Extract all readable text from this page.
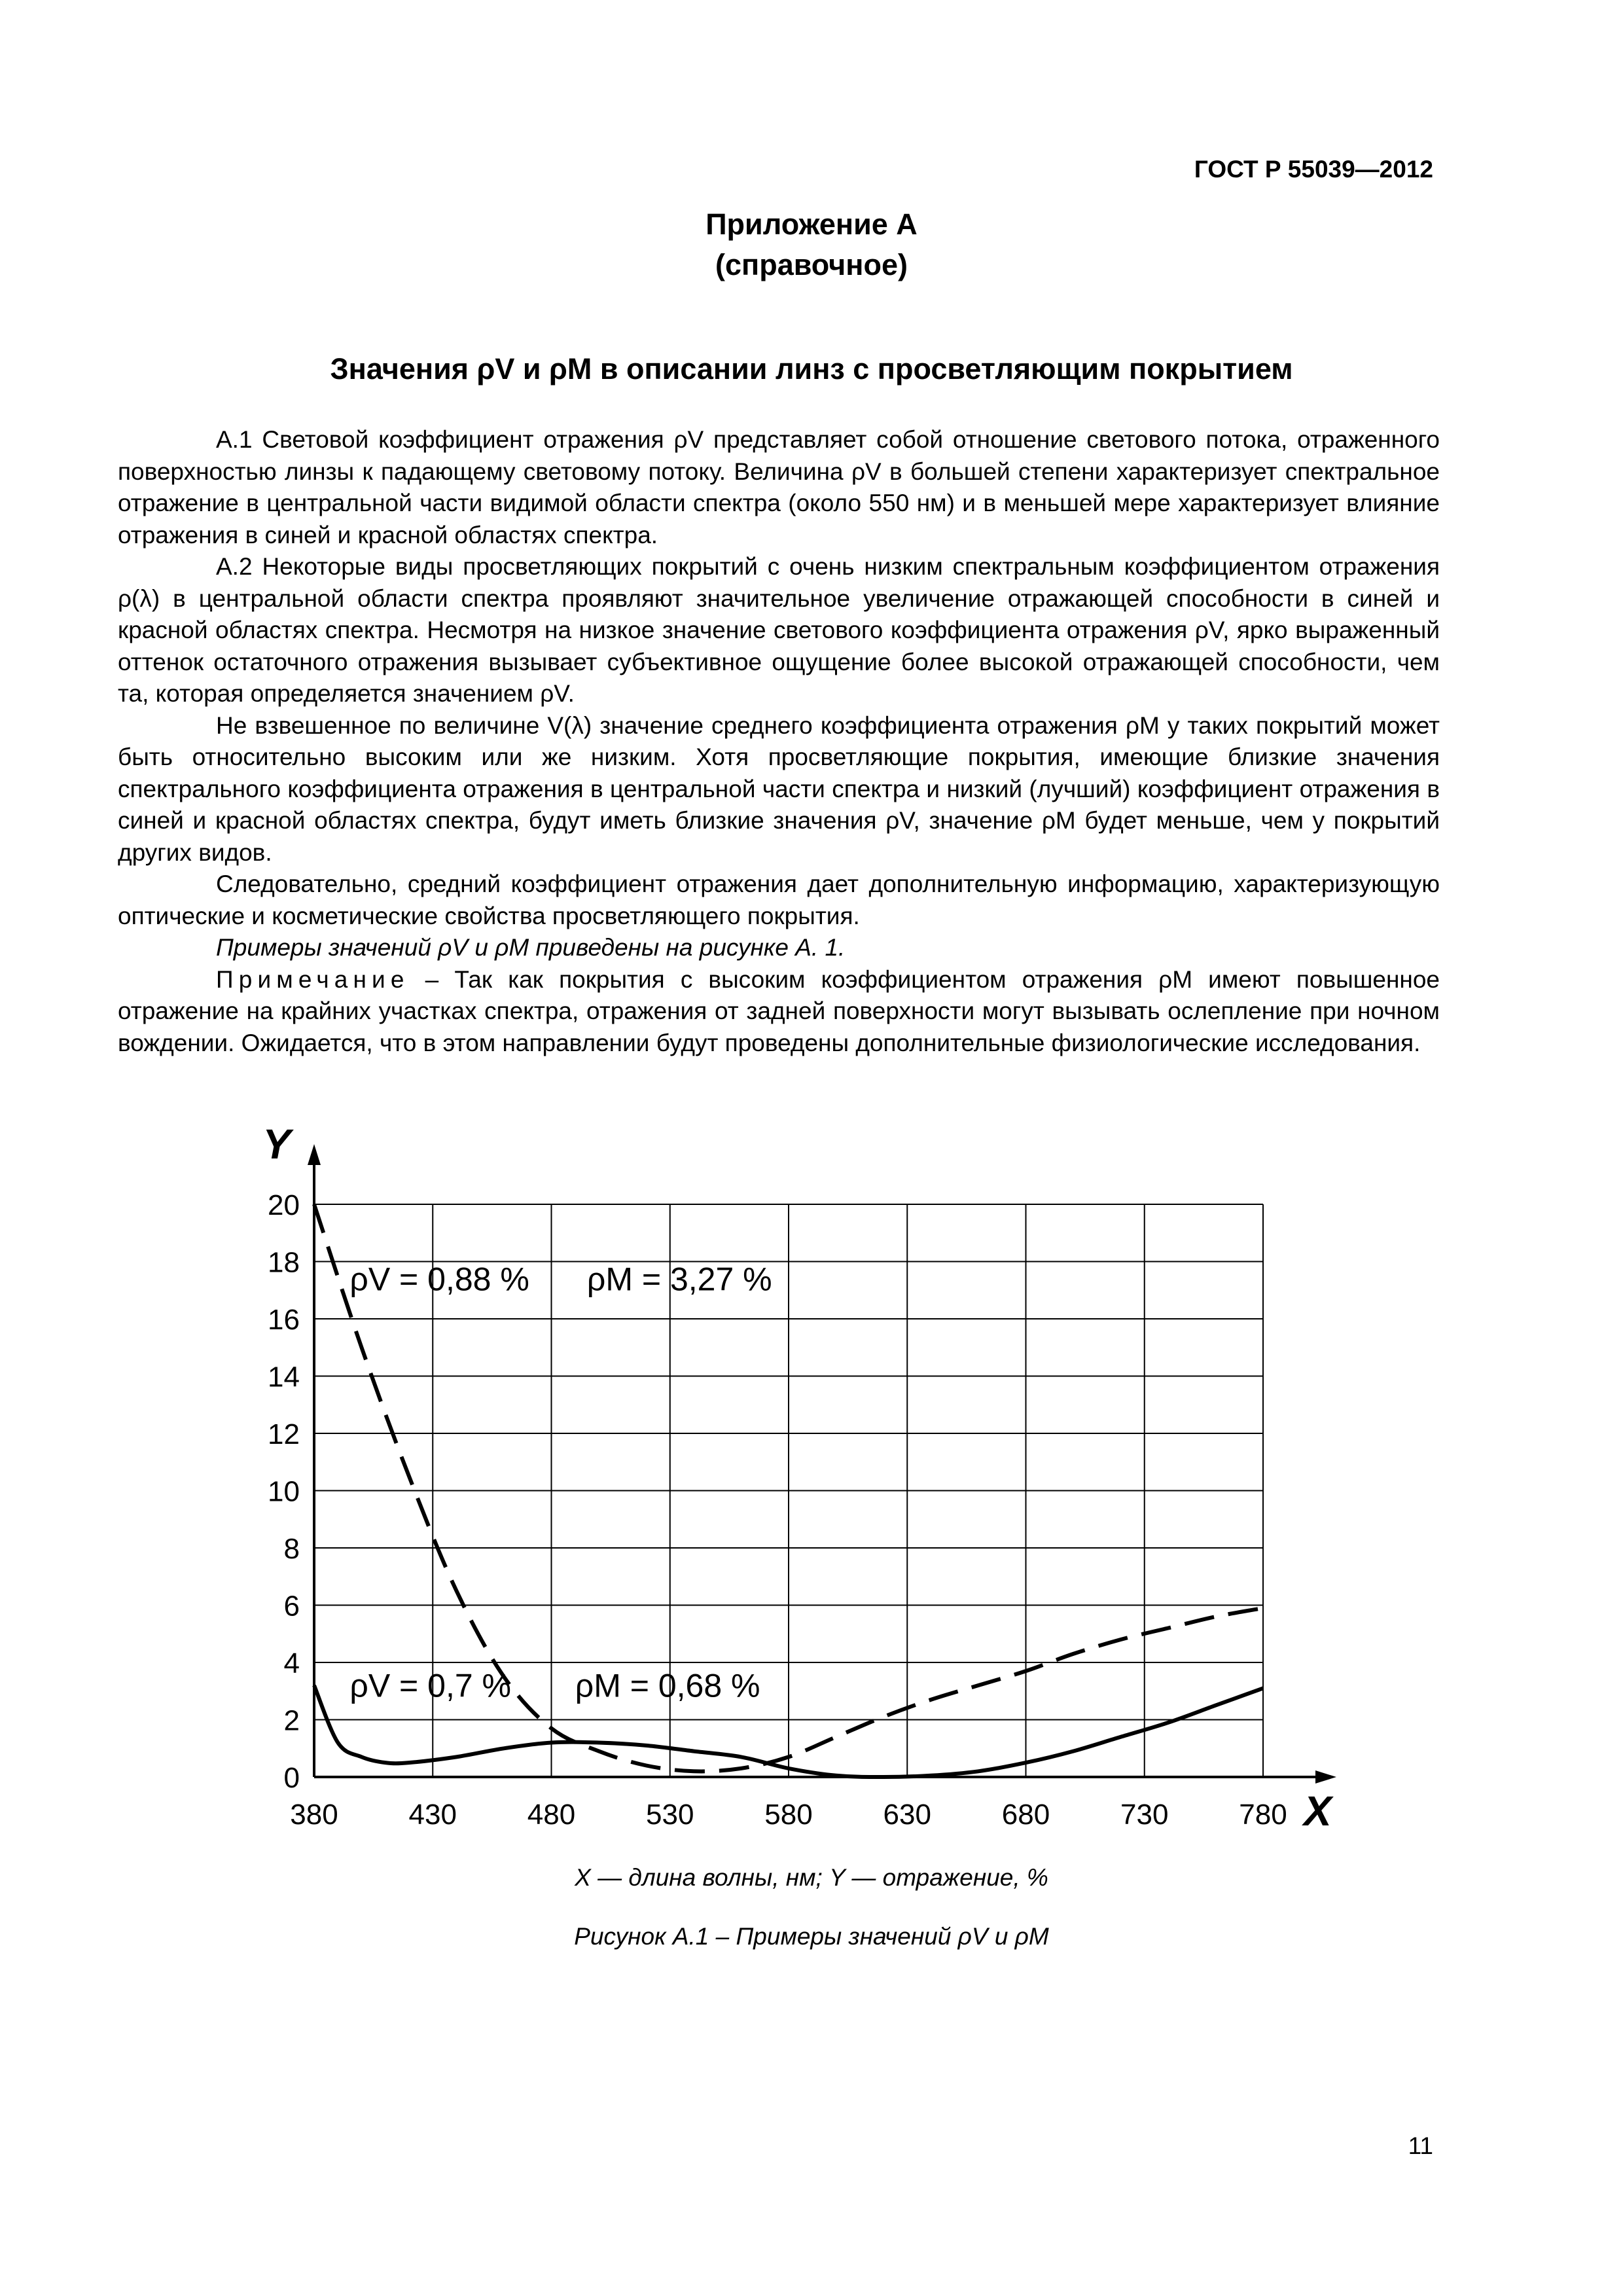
ГОСТ Р 55039—2012
Приложение А
(справочное)
Значения ρV и ρM в описании линз с просветляющим покрытием

А.1 Световой коэффициент отражения ρV представляет собой отношение светового потока, отраженного поверхностью линзы к падающему световому потоку. Величина ρV в большей степени характеризует спектральное отражение в центральной части видимой области спектра (около 550 нм) и в меньшей мере характеризует влияние отражения в синей и красной областях спектра.

А.2 Некоторые виды просветляющих покрытий с очень низким спектральным коэффициентом отражения ρ(λ) в центральной области спектра проявляют значительное увеличение отражающей способности в синей и красной областях спектра. Несмотря на низкое значение светового коэффициента отражения ρV, ярко выраженный оттенок остаточного отражения вызывает субъективное ощущение более высокой отражающей способности, чем та, которая определяется значением ρV.

Не взвешенное по величине V(λ) значение среднего коэффициента отражения ρM у таких покрытий может быть относительно высоким или же низким. Хотя просветляющие покрытия, имеющие близкие значения спектрального коэффициента отражения в центральной части спектра и низкий (лучший) коэффициент отражения в синей и красной областях спектра, будут иметь близкие значения ρV, значение ρM будет меньше, чем у покрытий других видов.

Следовательно, средний коэффициент отражения дает дополнительную информацию, характеризующую оптические и косметические свойства просветляющего покрытия.

Примеры значений ρV и ρM приведены на рисунке А. 1.

Примечание – Так как покрытия с высоким коэффициентом отражения ρM имеют повышенное отражение на крайних участках спектра, отражения от задней поверхности могут вызывать ослепление при ночном вождении. Ожидается, что в этом направлении будут проведены дополнительные физиологические исследования.

Y
X
380 430 480 530 580 630 680 730 780
0
2
4
6
8
10
12
14
16
18
20
ρV = 0,88 % ρM = 3,27 %
ρV = 0,7 % ρM = 0,68 %
X — длина волны, нм; Y — отражение, %
Рисунок А.1 – Примеры значений ρV и ρM
11
